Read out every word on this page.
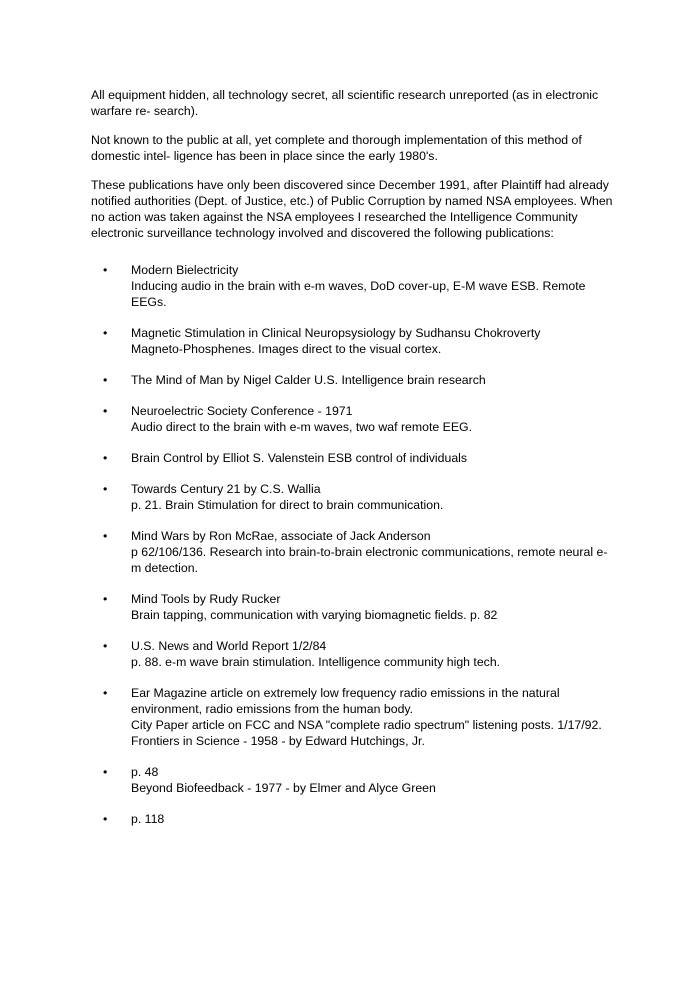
All equipment hidden, all technology secret, all scientific research unreported (as in electronic warfare re- search).

Not known to the public at all, yet complete and thorough implementation of this method of domestic intel- ligence has been in place since the early 1980's.

These publications have only been discovered since December 1991, after Plaintiff had already notified authorities (Dept. of Justice, etc.) of Public Corruption by named NSA employees. When no action was taken against the NSA employees I researched the Intelligence Community electronic surveillance technology involved and discovered the following publications:

• Modern Bielectricity
Inducing audio in the brain with e-m waves, DoD cover-up, E-M wave ESB. Remote EEGs.
• Magnetic Stimulation in Clinical Neuropsysiology by Sudhansu Chokroverty
Magneto-Phosphenes. Images direct to the visual cortex.
• The Mind of Man by Nigel Calder U.S. Intelligence brain research
• Neuroelectric Society Conference - 1971
Audio direct to the brain with e-m waves, two waf remote EEG.
• Brain Control by Elliot S. Valenstein ESB control of individuals
• Towards Century 21 by C.S. Wallia
p. 21. Brain Stimulation for direct to brain communication.
• Mind Wars by Ron McRae, associate of Jack Anderson
p 62/106/136. Research into brain-to-brain electronic communications, remote neural e-m detection.
• Mind Tools by Rudy Rucker
Brain tapping, communication with varying biomagnetic fields. p. 82
• U.S. News and World Report 1/2/84
p. 88. e-m wave brain stimulation. Intelligence community high tech.
• Ear Magazine article on extremely low frequency radio emissions in the natural environment, radio emissions from the human body.
City Paper article on FCC and NSA "complete radio spectrum" listening posts. 1/17/92.
Frontiers in Science - 1958 - by Edward Hutchings, Jr.
• p. 48
Beyond Biofeedback - 1977 - by Elmer and Alyce Green
• p. 118
